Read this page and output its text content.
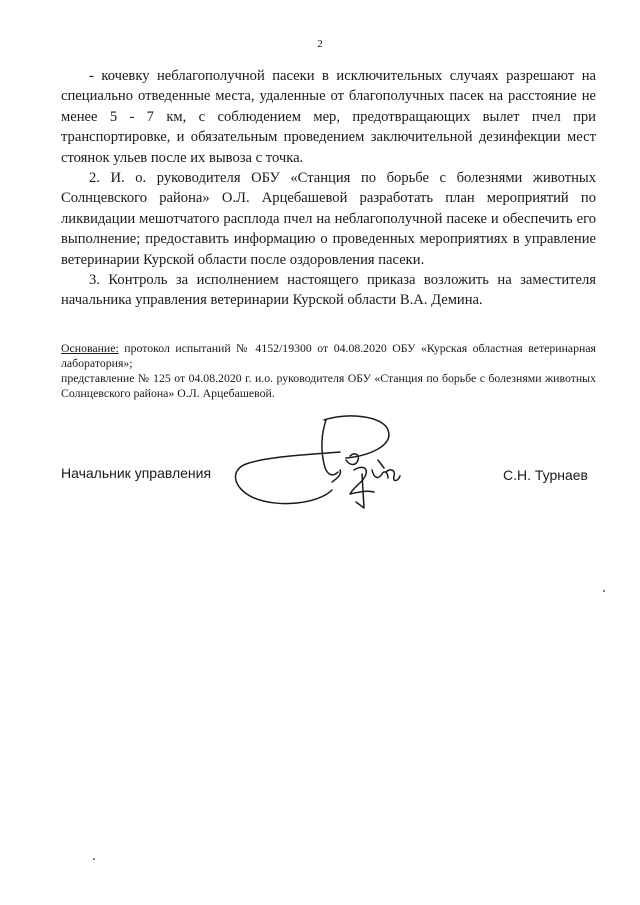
2

- кочевку неблагополучной пасеки в исключительных случаях разрешают на специально отведенные места, удаленные от благополучных пасек на расстояние не менее 5 - 7 км, с соблюдением мер, предотвращающих вылет пчел при транспортировке, и обязательным проведением заключительной дезинфекции мест стоянок ульев после их вывоза с точка.

2. И. о. руководителя ОБУ «Станция по борьбе с болезнями животных Солнцевского района» О.Л. Арцебашевой разработать план мероприятий по ликвидации мешотчатого расплода пчел на неблагополучной пасеке и обеспечить его выполнение; предоставить информацию о проведенных мероприятиях в управление ветеринарии Курской области после оздоровления пасеки.

3. Контроль за исполнением настоящего приказа возложить на заместителя начальника управления ветеринарии Курской области В.А. Демина.

Основание: протокол испытаний № 4152/19300 от 04.08.2020 ОБУ «Курская областная ветеринарная лаборатория»;

представление № 125 от 04.08.2020 г. и.о. руководителя ОБУ «Станция по борьбе с болезнями животных Солнцевского района» О.Л. Арцебашевой.

Начальник управления	С.Н. Турнаев
